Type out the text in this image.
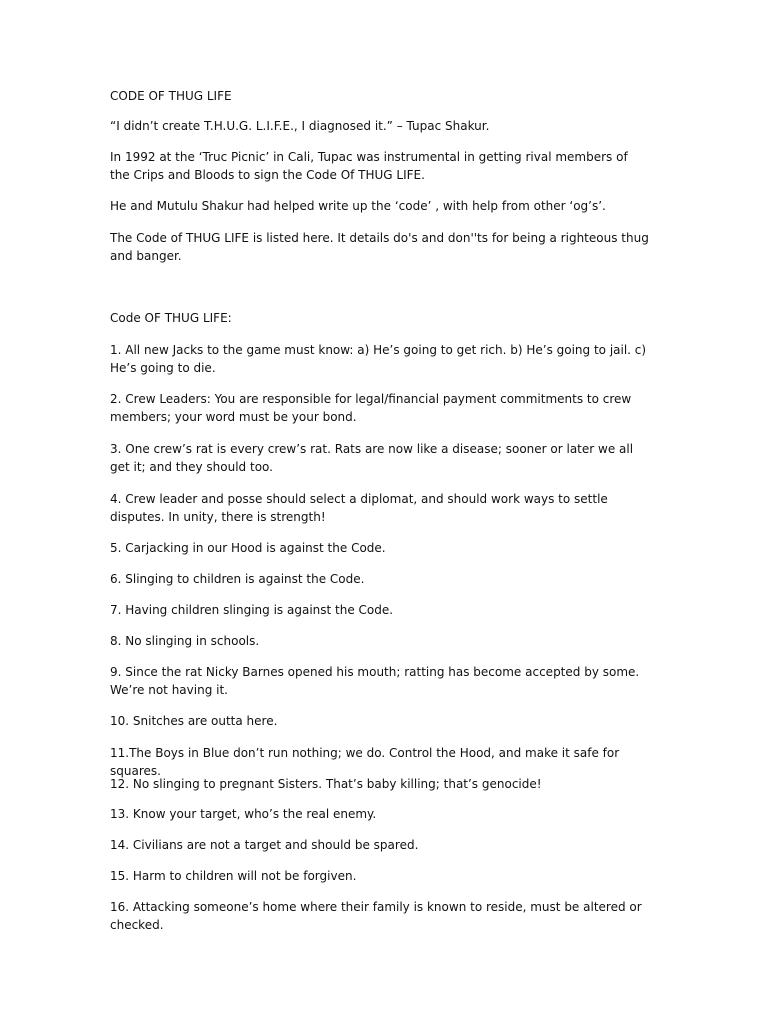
CODE OF THUG LIFE
“I didn’t create T.H.U.G. L.I.F.E., I diagnosed it.” – Tupac Shakur.
In 1992 at the ‘Truc Picnic’ in Cali, Tupac was instrumental in getting rival members of the Crips and Bloods to sign the Code Of THUG LIFE.
He and Mutulu Shakur had helped write up the ‘code’ , with help from other ‘og’s’.
The Code of THUG LIFE is listed here. It details do's and don''ts for being a righteous thug and banger.
Code OF THUG LIFE:
1. All new Jacks to the game must know: a) He’s going to get rich. b) He’s going to jail. c) He’s going to die.
2. Crew Leaders: You are responsible for legal/financial payment commitments to crew members; your word must be your bond.
3. One crew’s rat is every crew’s rat. Rats are now like a disease; sooner or later we all get it; and they should too.
4. Crew leader and posse should select a diplomat, and should work ways to settle disputes. In unity, there is strength!
5. Carjacking in our Hood is against the Code.
6. Slinging to children is against the Code.
7. Having children slinging is against the Code.
8. No slinging in schools.
9. Since the rat Nicky Barnes opened his mouth; ratting has become accepted by some. We’re not having it.
10. Snitches are outta here.
11.The Boys in Blue don’t run nothing; we do. Control the Hood, and make it safe for squares.
12. No slinging to pregnant Sisters. That’s baby killing; that’s genocide!
13. Know your target, who’s the real enemy.
14. Civilians are not a target and should be spared.
15. Harm to children will not be forgiven.
16. Attacking someone’s home where their family is known to reside, must be altered or checked.
